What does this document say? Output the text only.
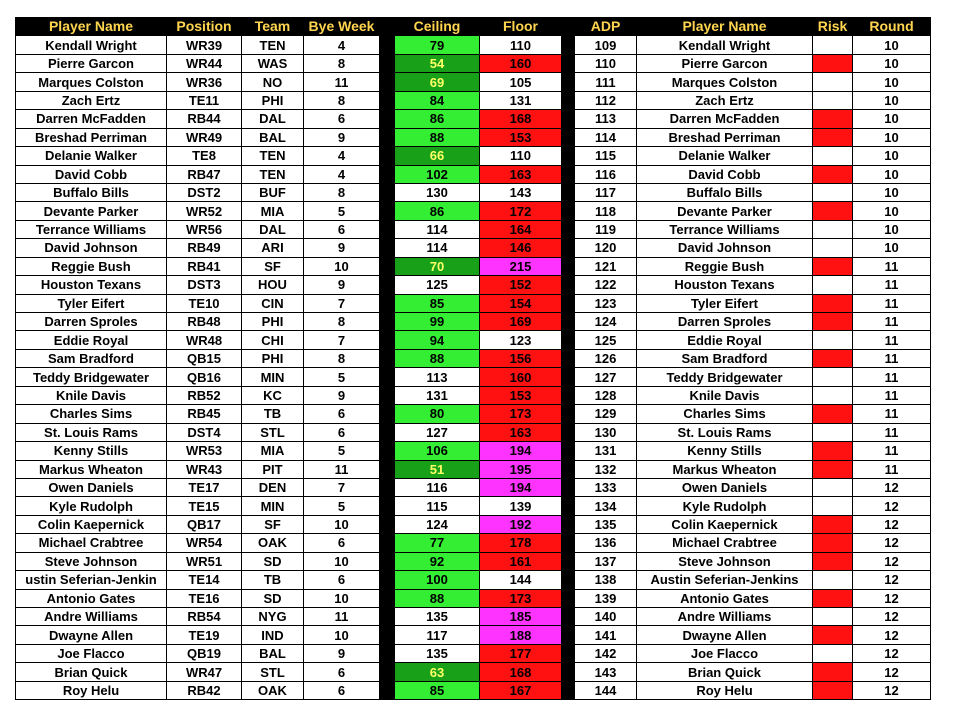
Player Name	Position	Team	Bye Week		Ceiling	Floor		ADP	Player Name	Risk	Round
Kendall Wright	WR39	TEN	4		79	110		109	Kendall Wright		10
Pierre Garcon	WR44	WAS	8		54	160		110	Pierre Garcon		10
Marques Colston	WR36	NO	11		69	105		111	Marques Colston		10
Zach Ertz	TE11	PHI	8		84	131		112	Zach Ertz		10
Darren McFadden	RB44	DAL	6		86	168		113	Darren McFadden		10
Breshad Perriman	WR49	BAL	9		88	153		114	Breshad Perriman		10
Delanie Walker	TE8	TEN	4		66	110		115	Delanie Walker		10
David Cobb	RB47	TEN	4		102	163		116	David Cobb		10
Buffalo Bills	DST2	BUF	8		130	143		117	Buffalo Bills		10
Devante Parker	WR52	MIA	5		86	172		118	Devante Parker		10
Terrance Williams	WR56	DAL	6		114	164		119	Terrance Williams		10
David Johnson	RB49	ARI	9		114	146		120	David Johnson		10
Reggie Bush	RB41	SF	10		70	215		121	Reggie Bush		11
Houston Texans	DST3	HOU	9		125	152		122	Houston Texans		11
Tyler Eifert	TE10	CIN	7		85	154		123	Tyler Eifert		11
Darren Sproles	RB48	PHI	8		99	169		124	Darren Sproles		11
Eddie Royal	WR48	CHI	7		94	123		125	Eddie Royal		11
Sam Bradford	QB15	PHI	8		88	156		126	Sam Bradford		11
Teddy Bridgewater	QB16	MIN	5		113	160		127	Teddy Bridgewater		11
Knile Davis	RB52	KC	9		131	153		128	Knile Davis		11
Charles Sims	RB45	TB	6		80	173		129	Charles Sims		11
St. Louis Rams	DST4	STL	6		127	163		130	St. Louis Rams		11
Kenny Stills	WR53	MIA	5		106	194		131	Kenny Stills		11
Markus Wheaton	WR43	PIT	11		51	195		132	Markus Wheaton		11
Owen Daniels	TE17	DEN	7		116	194		133	Owen Daniels		12
Kyle Rudolph	TE15	MIN	5		115	139		134	Kyle Rudolph		12
Colin Kaepernick	QB17	SF	10		124	192		135	Colin Kaepernick		12
Michael Crabtree	WR54	OAK	6		77	178		136	Michael Crabtree		12
Steve Johnson	WR51	SD	10		92	161		137	Steve Johnson		12
ustin Seferian-Jenkin	TE14	TB	6		100	144		138	Austin Seferian-Jenkins		12
Antonio Gates	TE16	SD	10		88	173		139	Antonio Gates		12
Andre Williams	RB54	NYG	11		135	185		140	Andre Williams		12
Dwayne Allen	TE19	IND	10		117	188		141	Dwayne Allen		12
Joe Flacco	QB19	BAL	9		135	177		142	Joe Flacco		12
Brian Quick	WR47	STL	6		63	168		143	Brian Quick		12
Roy Helu	RB42	OAK	6		85	167		144	Roy Helu		12
